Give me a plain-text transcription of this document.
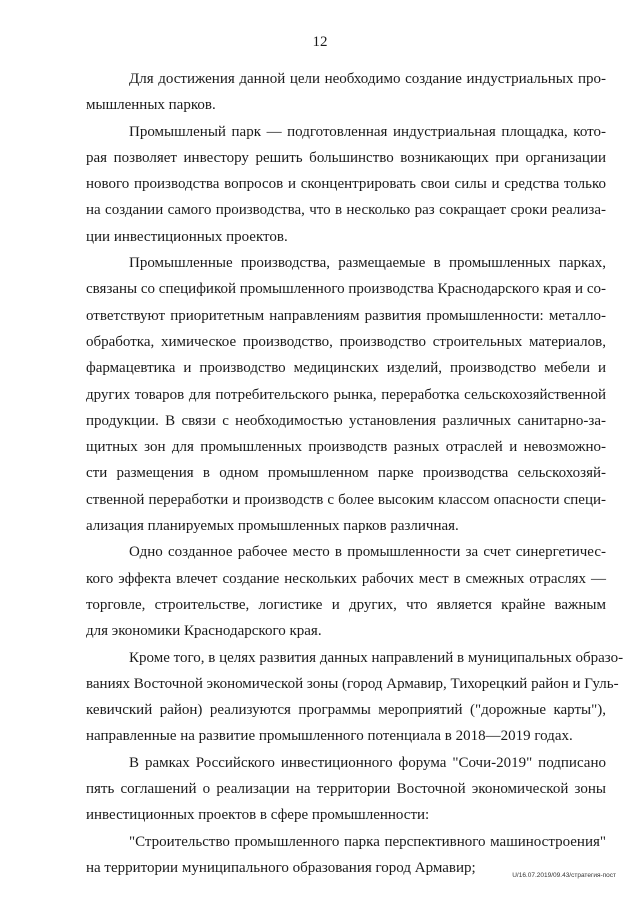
12
Для достижения данной цели необходимо создание индустриальных про-
мышленных парков.
Промышленый парк — подготовленная индустриальная площадка, кото-
рая позволяет инвестору решить большинство возникающих при организации
нового производства вопросов и сконцентрировать свои силы и средства только
на создании самого производства, что в несколько раз сокращает сроки реализа-
ции инвестиционных проектов.
Промышленные производства, размещаемые в промышленных парках,
связаны со спецификой промышленного производства Краснодарского края и со-
ответствуют приоритетным направлениям развития промышленности: металло-
обработка, химическое производство, производство строительных материалов,
фармацевтика и производство медицинских изделий, производство мебели и
других товаров для потребительского рынка, переработка сельскохозяйственной
продукции. В связи с необходимостью установления различных санитарно-за-
щитных зон для промышленных производств разных отраслей и невозможно-
сти размещения в одном промышленном парке производства сельскохозяй-
ственной переработки и производств с более высоким классом опасности специ-
ализация планируемых промышленных парков различная.
Одно созданное рабочее место в промышленности за счет синергетичес-
кого эффекта влечет создание нескольких рабочих мест в смежных отраслях —
торговле, строительстве, логистике и других, что является крайне важным
для экономики Краснодарского края.
Кроме того, в целях развития данных направлений в муниципальных образо-
ваниях Восточной экономической зоны (город Армавир, Тихорецкий район и Гуль-
кевичский район) реализуются программы мероприятий ("дорожные карты"),
направленные на развитие промышленного потенциала в 2018—2019 годах.
В рамках Российского инвестиционного форума "Сочи-2019" подписано
пять соглашений о реализации на территории Восточной экономической зоны
инвестиционных проектов в сфере промышленности:
"Строительство промышленного парка перспективного машиностроения"
на территории муниципального образования город Армавир;	U/16.07.2019/09.43/стратегия-пост
